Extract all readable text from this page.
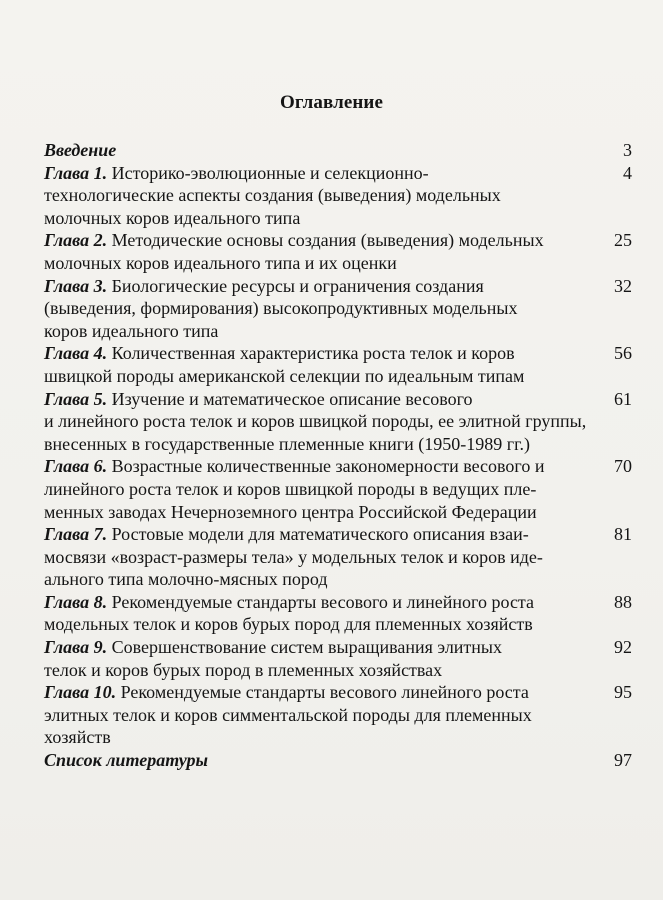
Оглавление
Введение	3
Глава 1. Историко-эволюционные и селекционно-
технологические аспекты создания (выведения) модельных
молочных коров идеального типа
4
Глава 2. Методические основы создания (выведения) модельных
молочных коров идеального типа и их оценки
25
Глава 3. Биологические ресурсы и ограничения создания
(выведения, формирования) высокопродуктивных модельных
коров идеального типа
32
Глава 4. Количественная характеристика роста телок и коров
швицкой породы американской селекции по идеальным типам
56
Глава 5. Изучение и математическое описание весового
и линейного роста телок и коров швицкой породы, ее элитной группы,
внесенных в государственные племенные книги (1950-1989 гг.)
61
Глава 6. Возрастные количественные закономерности весового и
линейного роста телок и коров швицкой породы в ведущих пле-
менных заводах Нечерноземного центра Российской Федерации
70
Глава 7. Ростовые модели для математического описания взаи-
мосвязи «возраст-размеры тела» у модельных телок и коров иде-
ального типа молочно-мясных пород
81
Глава 8. Рекомендуемые стандарты весового и линейного роста
модельных телок и коров бурых пород для племенных хозяйств
88
Глава 9. Совершенствование систем выращивания элитных
телок и коров бурых пород в племенных хозяйствах
92
Глава 10. Рекомендуемые стандарты весового линейного роста
элитных телок и коров симментальской породы для племенных
хозяйств
95
Список литературы	97
